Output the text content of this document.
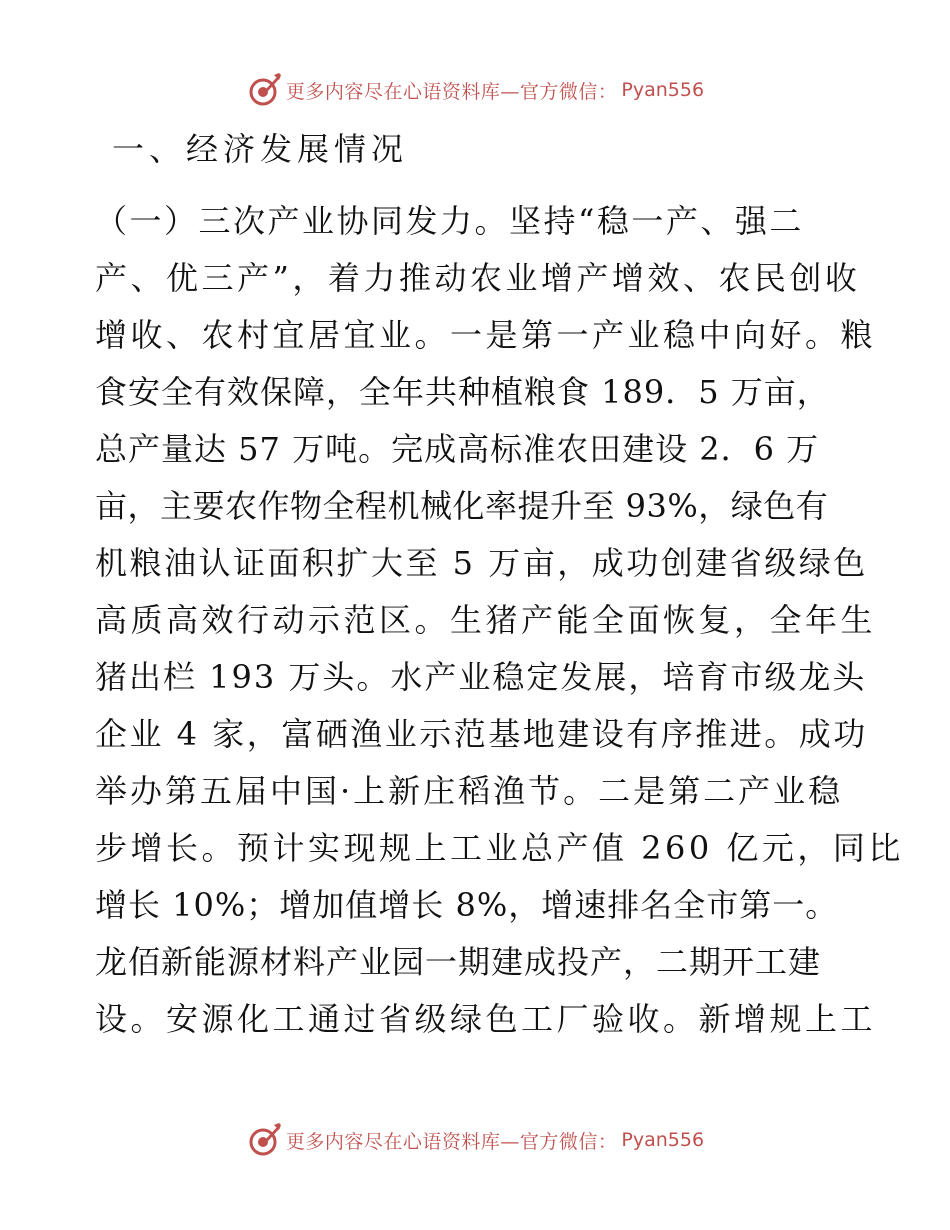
更多内容尽在心语资料库—官方微信： Pyan556
一、经济发展情况
（一）三次产业协同发力。坚持“稳一产、强二
产、优三产”，着力推动农业增产增效、农民创收
增收、农村宜居宜业。一是第一产业稳中向好。粮
食安全有效保障，全年共种植粮食 189．5 万亩，
总产量达 57 万吨。完成高标准农田建设 2．6 万
亩，主要农作物全程机械化率提升至 93%，绿色有
机粮油认证面积扩大至 5 万亩，成功创建省级绿色
高质高效行动示范区。生猪产能全面恢复，全年生
猪出栏 193 万头。水产业稳定发展，培育市级龙头
企业 4 家，富硒渔业示范基地建设有序推进。成功
举办第五届中国·上新庄稻渔节。二是第二产业稳
步增长。预计实现规上工业总产值 260 亿元，同比
增长 10%；增加值增长 8%，增速排名全市第一。
龙佰新能源材料产业园一期建成投产，二期开工建
设。安源化工通过省级绿色工厂验收。新增规上工
更多内容尽在心语资料库—官方微信： Pyan556
